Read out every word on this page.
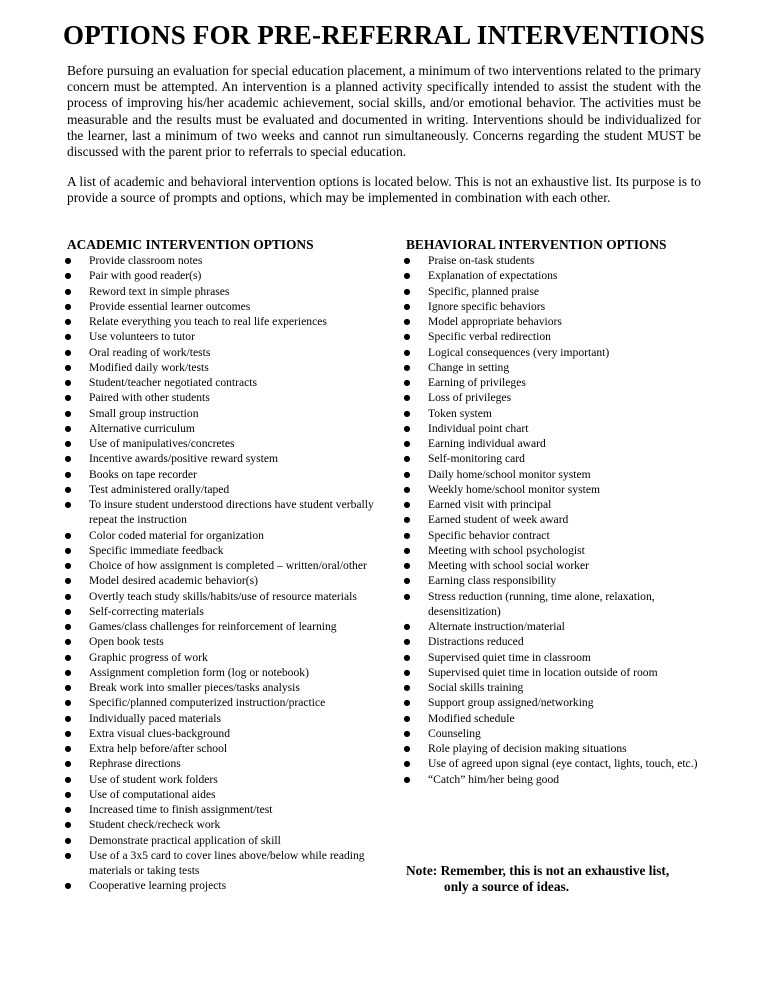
OPTIONS FOR PRE-REFERRAL INTERVENTIONS

Before pursuing an evaluation for special education placement, a minimum of two interventions related to the primary concern must be attempted. An intervention is a planned activity specifically intended to assist the student with the process of improving his/her academic achievement, social skills, and/or emotional behavior. The activities must be measurable and the results must be evaluated and documented in writing. Interventions should be individualized for the learner, last a minimum of two weeks and cannot run simultaneously. Concerns regarding the student MUST be discussed with the parent prior to referrals to special education.

A list of academic and behavioral intervention options is located below. This is not an exhaustive list. Its purpose is to provide a source of prompts and options, which may be implemented in combination with each other.

ACADEMIC INTERVENTION OPTIONS	BEHAVIORAL INTERVENTION OPTIONS
● Provide classroom notes
● Pair with good reader(s)
● Reword text in simple phrases
● Provide essential learner outcomes
● Relate everything you teach to real life experiences
● Use volunteers to tutor
● Oral reading of work/tests
● Modified daily work/tests
● Student/teacher negotiated contracts
● Paired with other students
● Small group instruction
● Alternative curriculum
● Use of manipulatives/concretes
● Incentive awards/positive reward system
● Books on tape recorder
● Test administered orally/taped
● To insure student understood directions have student verbally repeat the instruction
● Color coded material for organization
● Specific immediate feedback
● Choice of how assignment is completed – written/oral/other
● Model desired academic behavior(s)
● Overtly teach study skills/habits/use of resource materials
● Self-correcting materials
● Games/class challenges for reinforcement of learning
● Open book tests
● Graphic progress of work
● Assignment completion form (log or notebook)
● Break work into smaller pieces/tasks analysis
● Specific/planned computerized instruction/practice
● Individually paced materials
● Extra visual clues-background
● Extra help before/after school
● Rephrase directions
● Use of student work folders
● Use of computational aides
● Increased time to finish assignment/test
● Student check/recheck work
● Demonstrate practical application of skill
● Use of a 3x5 card to cover lines above/below while reading materials or taking tests
● Cooperative learning projects
● Praise on-task students
● Explanation of expectations
● Specific, planned praise
● Ignore specific behaviors
● Model appropriate behaviors
● Specific verbal redirection
● Logical consequences (very important)
● Change in setting
● Earning of privileges
● Loss of privileges
● Token system
● Individual point chart
● Earning individual award
● Self-monitoring card
● Daily home/school monitor system
● Weekly home/school monitor system
● Earned visit with principal
● Earned student of week award
● Specific behavior contract
● Meeting with school psychologist
● Meeting with school social worker
● Earning class responsibility
● Stress reduction (running, time alone, relaxation, desensitization)
● Alternate instruction/material
● Distractions reduced
● Supervised quiet time in classroom
● Supervised quiet time in location outside of room
● Social skills training
● Support group assigned/networking
● Modified schedule
● Counseling
● Role playing of decision making situations
● Use of agreed upon signal (eye contact, lights, touch, etc.)
● “Catch” him/her being good

Note: Remember, this is not an exhaustive list,
only a source of ideas.
